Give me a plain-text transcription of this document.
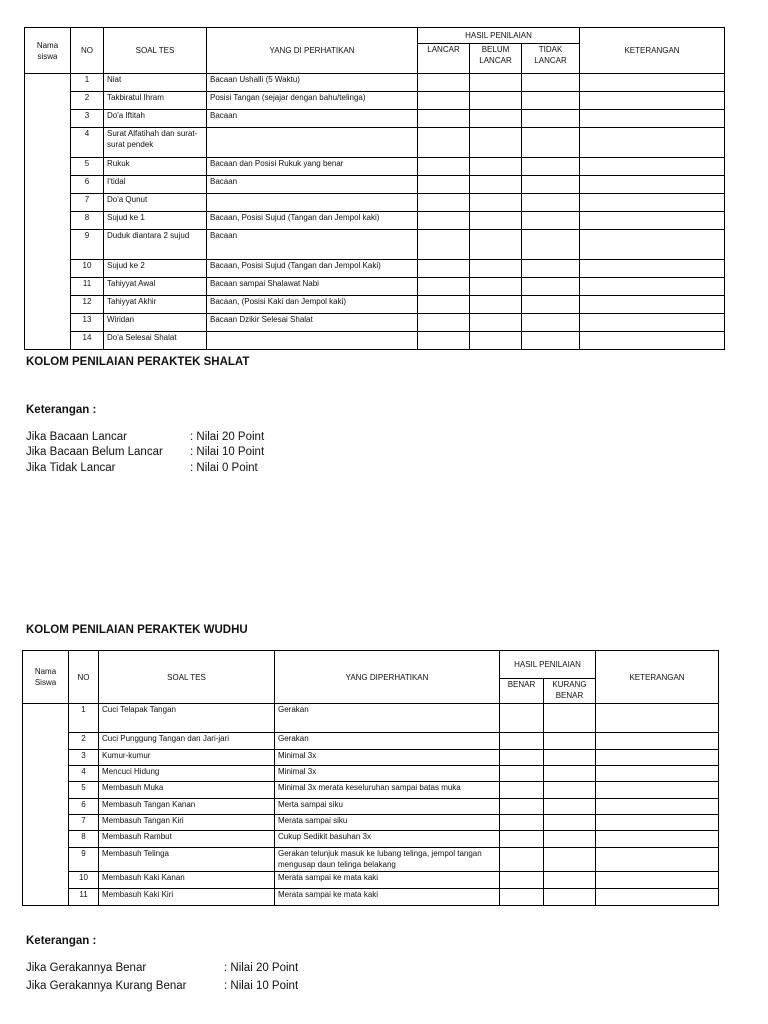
Nama siswa	NO	SOAL TES	YANG DI PERHATIKAN	HASIL PENILAIAN			KETERANGAN
				LANCAR	BELUM LANCAR	TIDAK LANCAR	
	1	Niat	Bacaan Ushalli (5 Waktu)				
	2	Takbiratul Ihram	Posisi Tangan (sejajar dengan bahu/telinga)				
	3	Do'a Iftitah	Bacaan				
	4	Surat Alfatihah dan surat-surat pendek					
	5	Rukuk	Bacaan dan Posisi Rukuk yang benar				
	6	I'tidal	Bacaan				
	7	Do'a Qunut					
	8	Sujud ke 1	Bacaan, Posisi Sujud (Tangan dan Jempol kaki)				
	9	Duduk diantara 2 sujud	Bacaan				
	10	Sujud ke 2	Bacaan, Posisi Sujud (Tangan dan Jempol Kaki)				
	11	Tahiyyat Awal	Bacaan sampai Shalawat Nabi				
	12	Tahiyyat Akhir	Bacaan, (Posisi Kaki dan Jempol kaki)				
	13	Wiridan	Bacaan Dzikir Selesai Shalat				
	14	Do'a Selesai Shalat					
KOLOM PENILAIAN PERAKTEK SHALAT
Keterangan :
Jika Bacaan Lancar	: Nilai 20 Point
Jika Bacaan Belum Lancar : Nilai 10 Point
Jika Tidak Lancar	: Nilai 0 Point
KOLOM PENILAIAN PERAKTEK WUDHU
Nama Siswa	NO	SOAL TES	YANG DIPERHATIKAN	HASIL PENILAIAN		KETERANGAN
				BENAR	KURANG BENAR	
	1	Cuci Telapak Tangan	Gerakan			
	2	Cuci Punggung Tangan dan Jari-jari	Gerakan			
	3	Kumur-kumur	Minimal 3x			
	4	Mencuci Hidung	Minimal 3x			
	5	Membasuh Muka	Minimal 3x merata keseluruhan sampai batas muka			
	6	Membasuh Tangan Kanan	Merta sampai siku			
	7	Membasuh Tangan Kiri	Merata sampai siku			
	8	Membasuh Rambut	Cukup Sedikit basuhan 3x			
	9	Membasuh Telinga	Gerakan telunjuk masuk ke lubang telinga, jempol tangan mengusap daun telinga belakang			
	10	Membasuh Kaki Kanan	Merata sampai ke mata kaki			
	11	Membasuh Kaki Kiri	Merata sampai ke mata kaki			
Keterangan :
Jika Gerakannya Benar	: Nilai 20 Point
Jika Gerakannya Kurang Benar	: Nilai 10 Point
